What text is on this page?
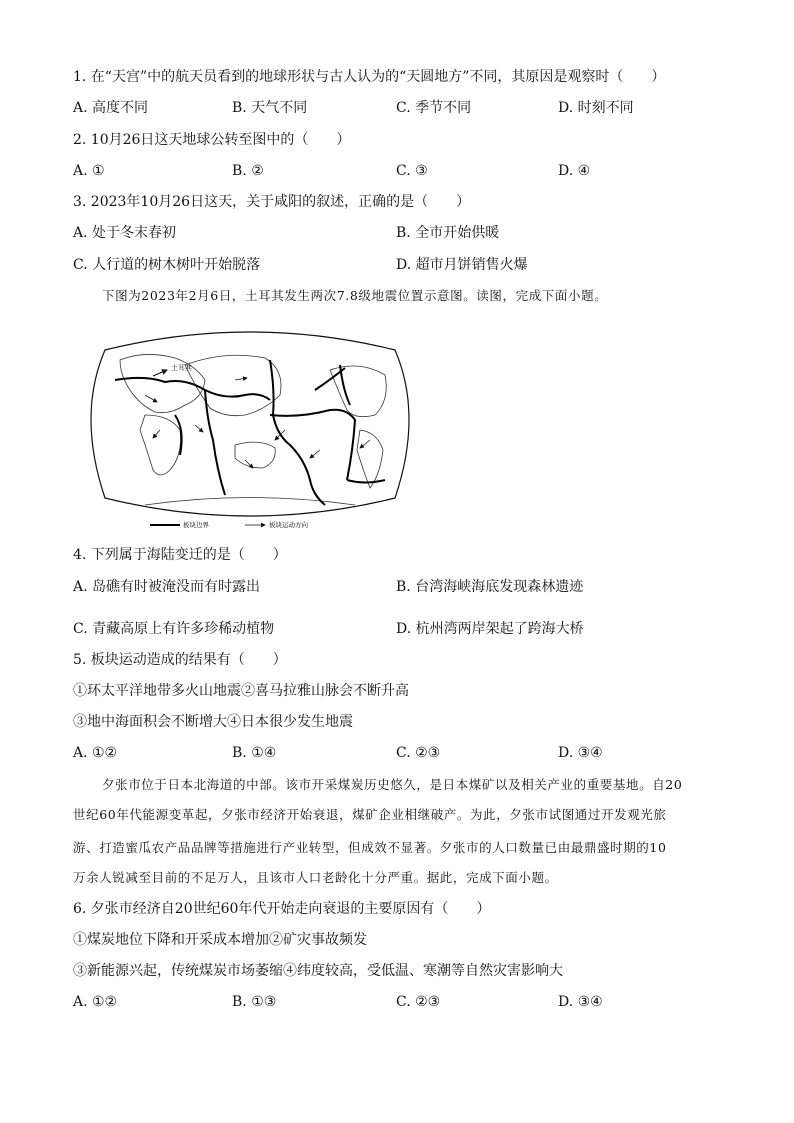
1. 在“天宫”中的航天员看到的地球形状与古人认为的“天圆地方”不同，其原因是观察时（　　）
A. 高度不同	B. 天气不同	C. 季节不同	D. 时刻不同
2. 10月26日这天地球公转至图中的（　　）
A. ①	B. ②	C. ③	D. ④
3. 2023年10月26日这天，关于咸阳的叙述，正确的是（　　）
A. 处于冬末春初	B. 全市开始供暖
C. 人行道的树木树叶开始脱落	D. 超市月饼销售火爆
下图为2023年2月6日，土耳其发生两次7.8级地震位置示意图。读图，完成下面小题。
土耳其
板块边界	板块运动方向
4. 下列属于海陆变迁的是（　　）
A. 岛礁有时被淹没而有时露出	B. 台湾海峡海底发现森林遗迹
C. 青藏高原上有许多珍稀动植物	D. 杭州湾两岸架起了跨海大桥
5. 板块运动造成的结果有（　　）
①环太平洋地带多火山地震②喜马拉雅山脉会不断升高
③地中海面积会不断增大④日本很少发生地震
A. ①②	B. ①④	C. ②③	D. ③④
夕张市位于日本北海道的中部。该市开采煤炭历史悠久，是日本煤矿以及相关产业的重要基地。自20
世纪60年代能源变革起，夕张市经济开始衰退，煤矿企业相继破产。为此，夕张市试图通过开发观光旅
游、打造蜜瓜农产品品牌等措施进行产业转型，但成效不显著。夕张市的人口数量已由最鼎盛时期的10
万余人锐减至目前的不足万人，且该市人口老龄化十分严重。据此，完成下面小题。
6. 夕张市经济自20世纪60年代开始走向衰退的主要原因有（　　）
①煤炭地位下降和开采成本增加②矿灾事故频发
③新能源兴起，传统煤炭市场萎缩④纬度较高，受低温、寒潮等自然灾害影响大
A. ①②	B. ①③	C. ②③	D. ③④
